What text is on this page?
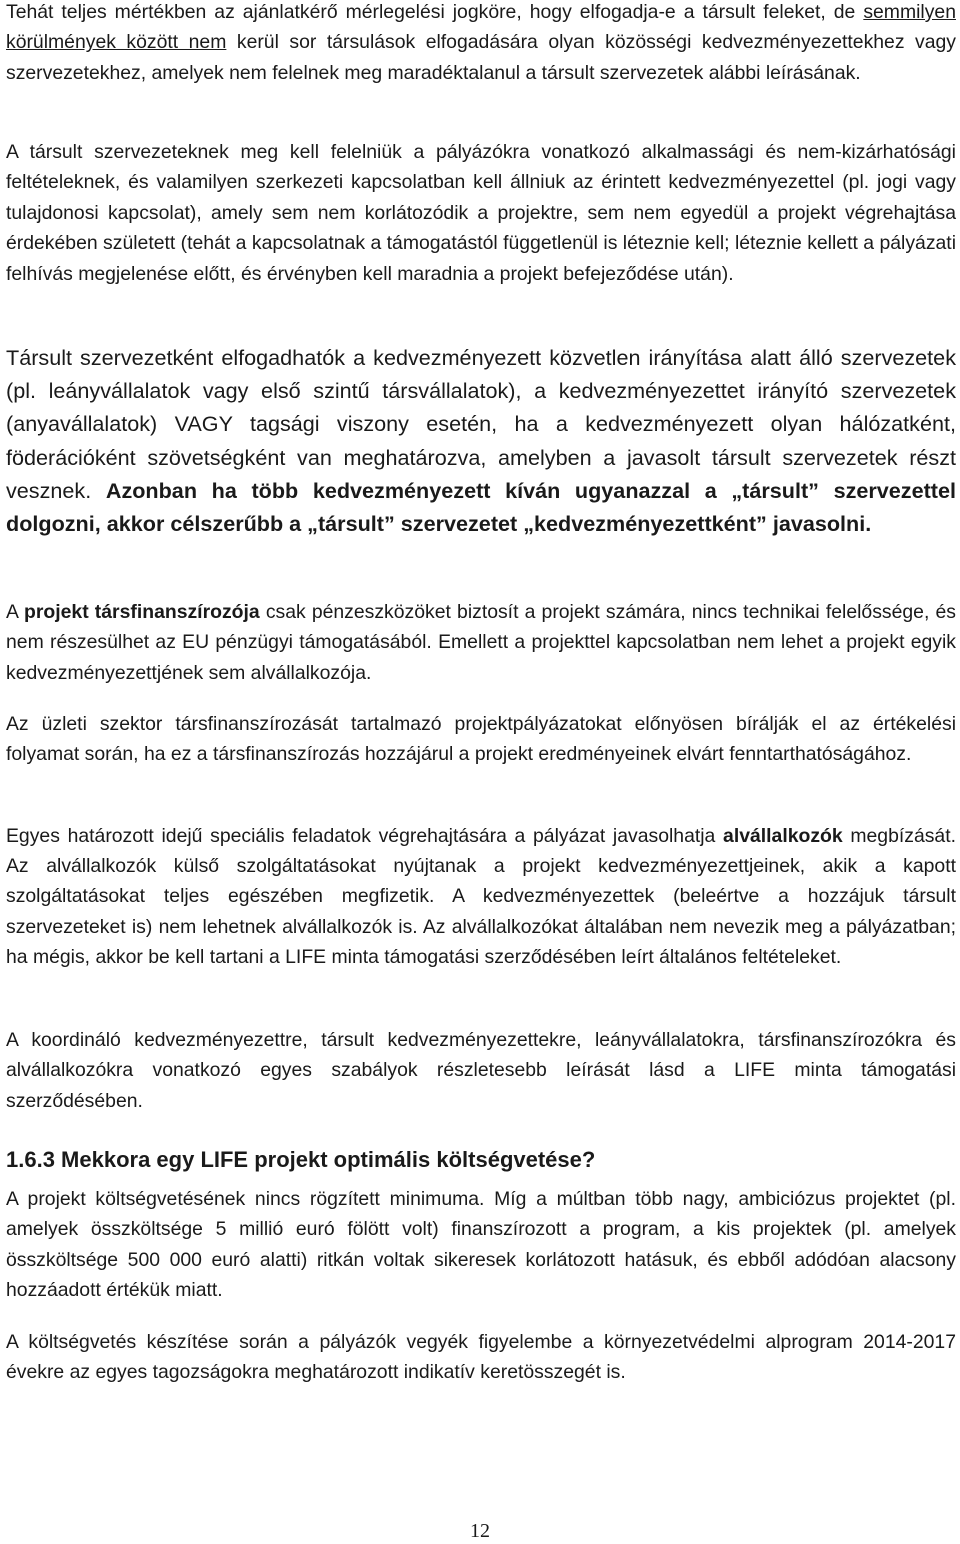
Tehát teljes mértékben az ajánlatkérő mérlegelési jogköre, hogy elfogadja-e a társult feleket, de semmilyen körülmények között nem kerül sor társulások elfogadására olyan közösségi kedvezményezettekhez vagy szervezetekhez, amelyek nem felelnek meg maradéktalanul a társult szervezetek alábbi leírásának.

A társult szervezeteknek meg kell felelniük a pályázókra vonatkozó alkalmassági és nem-kizárhatósági feltételeknek, és valamilyen szerkezeti kapcsolatban kell állniuk az érintett kedvezményezettel (pl. jogi vagy tulajdonosi kapcsolat), amely sem nem korlátozódik a projektre, sem nem egyedül a projekt végrehajtása érdekében született (tehát a kapcsolatnak a támogatástól függetlenül is léteznie kell; léteznie kellett a pályázati felhívás megjelenése előtt, és érvényben kell maradnia a projekt befejeződése után).

Társult szervezetként elfogadhatók a kedvezményezett közvetlen irányítása alatt álló szervezetek (pl. leányvállalatok vagy első szintű társvállalatok), a kedvezményezettet irányító szervezetek (anyavállalatok) VAGY tagsági viszony esetén, ha a kedvezményezett olyan hálózatként, föderációként szövetségként van meghatározva, amelyben a javasolt társult szervezetek részt vesznek. Azonban ha több kedvezményezett kíván ugyanazzal a „társult” szervezettel dolgozni, akkor célszerűbb a „társult” szervezetet „kedvezményezettként” javasolni.

A projekt társfinanszírozója csak pénzeszközöket biztosít a projekt számára, nincs technikai felelőssége, és nem részesülhet az EU pénzügyi támogatásából. Emellett a projekttel kapcsolatban nem lehet a projekt egyik kedvezményezettjének sem alvállalkozója.

Az üzleti szektor társfinanszírozását tartalmazó projektpályázatokat előnyösen bírálják el az értékelési folyamat során, ha ez a társfinanszírozás hozzájárul a projekt eredményeinek elvárt fenntarthatóságához.

Egyes határozott idejű speciális feladatok végrehajtására a pályázat javasolhatja alvállalkozók megbízását. Az alvállalkozók külső szolgáltatásokat nyújtanak a projekt kedvezményezettjeinek, akik a kapott szolgáltatásokat teljes egészében megfizetik. A kedvezményezettek (beleértve a hozzájuk társult szervezeteket is) nem lehetnek alvállalkozók is. Az alvállalkozókat általában nem nevezik meg a pályázatban; ha mégis, akkor be kell tartani a LIFE minta támogatási szerződésében leírt általános feltételeket.

A koordináló kedvezményezettre, társult kedvezményezettekre, leányvállalatokra, társfinanszírozókra és alvállalkozókra vonatkozó egyes szabályok részletesebb leírását lásd a LIFE minta támogatási szerződésében.

1.6.3 Mekkora egy LIFE projekt optimális költségvetése?

A projekt költségvetésének nincs rögzített minimuma. Míg a múltban több nagy, ambiciózus projektet (pl. amelyek összköltsége 5 millió euró fölött volt) finanszírozott a program, a kis projektek (pl. amelyek összköltsége 500 000 euró alatti) ritkán voltak sikeresek korlátozott hatásuk, és ebből adódóan alacsony hozzáadott értékük miatt.

A költségvetés készítése során a pályázók vegyék figyelembe a környezetvédelmi alprogram 2014-2017 évekre az egyes tagozságokra meghatározott indikatív keretösszegét is.

12
